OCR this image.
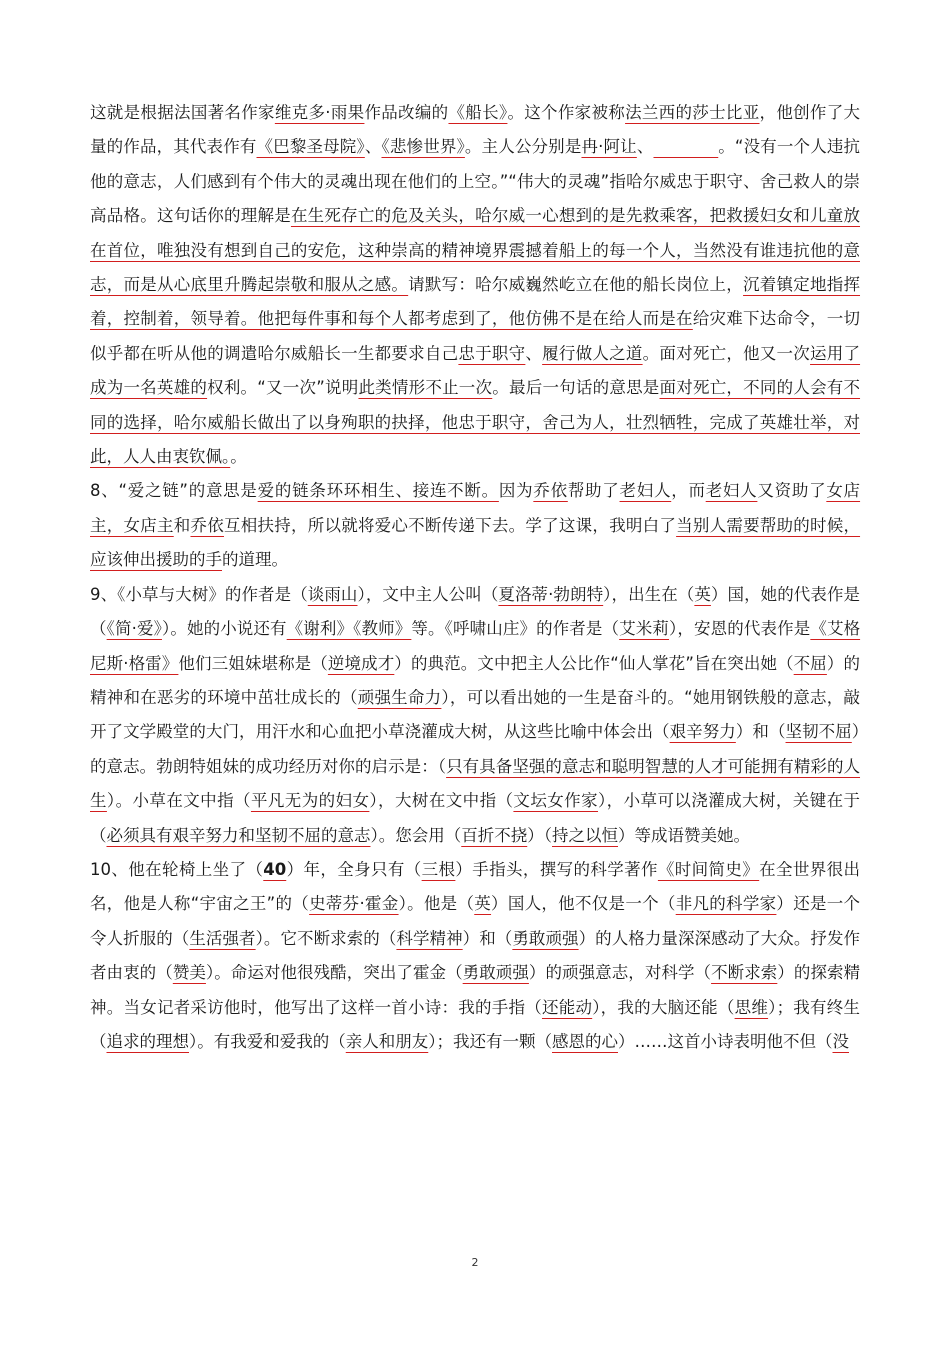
这就是根据法国著名作家维克多·雨果作品改编的《船长》。这个作家被称法兰西的莎士比亚，他创作了大量的作品，其代表作有《巴黎圣母院》、《悲惨世界》。主人公分别是冉·阿让、	。“没有一个人违抗他的意志，人们感到有个伟大的灵魂出现在他们的上空。”“伟大的灵魂”指哈尔威忠于职守、舍己救人的崇高品格。这句话你的理解是在生死存亡的危及关头，哈尔威一心想到的是先救乘客，把救援妇女和儿童放在首位，唯独没有想到自己的安危，这种崇高的精神境界震撼着船上的每一个人，当然没有谁违抗他的意志，而是从心底里升腾起崇敬和服从之感。请默写：哈尔威巍然屹立在他的船长岗位上，沉着镇定地指挥着，控制着，领导着。他把每件事和每个人都考虑到了，他仿佛不是在给人而是在给灾难下达命令，一切似乎都在听从他的调遣哈尔威船长一生都要求自己忠于职守、履行做人之道。面对死亡，他又一次运用了成为一名英雄的权利。“又一次”说明此类情形不止一次。最后一句话的意思是面对死亡，不同的人会有不同的选择，哈尔威船长做出了以身殉职的抉择，他忠于职守，舍己为人，壮烈牺牲，完成了英雄壮举，对此，人人由衷钦佩。。

8、“爱之链”的意思是爱的链条环环相生、接连不断。因为乔依帮助了老妇人，而老妇人又资助了女店主，女店主和乔依互相扶持，所以就将爱心不断传递下去。学了这课，我明白了当别人需要帮助的时候，应该伸出援助的手的道理。

9、《小草与大树》的作者是（谈雨山），文中主人公叫（夏洛蒂·勃朗特），出生在（英）国，她的代表作是（《简·爱》）。她的小说还有《谢利》《教师》等。《呼啸山庄》的作者是（艾米莉），安恩的代表作是《艾格尼斯·格雷》他们三姐妹堪称是（逆境成才）的典范。文中把主人公比作“仙人掌花”旨在突出她（不屈）的精神和在恶劣的环境中茁壮成长的（顽强生命力），可以看出她的一生是奋斗的。“她用钢铁般的意志，敲开了文学殿堂的大门，用汗水和心血把小草浇灌成大树，从这些比喻中体会出（艰辛努力）和（坚韧不屈）的意志。勃朗特姐妹的成功经历对你的启示是：（只有具备坚强的意志和聪明智慧的人才可能拥有精彩的人生）。小草在文中指（平凡无为的妇女），大树在文中指（文坛女作家），小草可以浇灌成大树，关键在于（必须具有艰辛努力和坚韧不屈的意志）。您会用（百折不挠）（持之以恒）等成语赞美她。

10、他在轮椅上坐了（40）年，全身只有（三根）手指头，撰写的科学著作《时间简史》在全世界很出名，他是人称“宇宙之王”的（史蒂芬·霍金）。他是（英）国人，他不仅是一个（非凡的科学家）还是一个令人折服的（生活强者）。它不断求索的（科学精神）和（勇敢顽强）的人格力量深深感动了大众。抒发作者由衷的（赞美）。命运对他很残酷，突出了霍金（勇敢顽强）的顽强意志，对科学（不断求索）的探索精神。当女记者采访他时，他写出了这样一首小诗：我的手指（还能动），我的大脑还能（思维）；我有终生（追求的理想）。有我爱和爱我的（亲人和朋友）；我还有一颗（感恩的心）……这首小诗表明他不但（没

2
